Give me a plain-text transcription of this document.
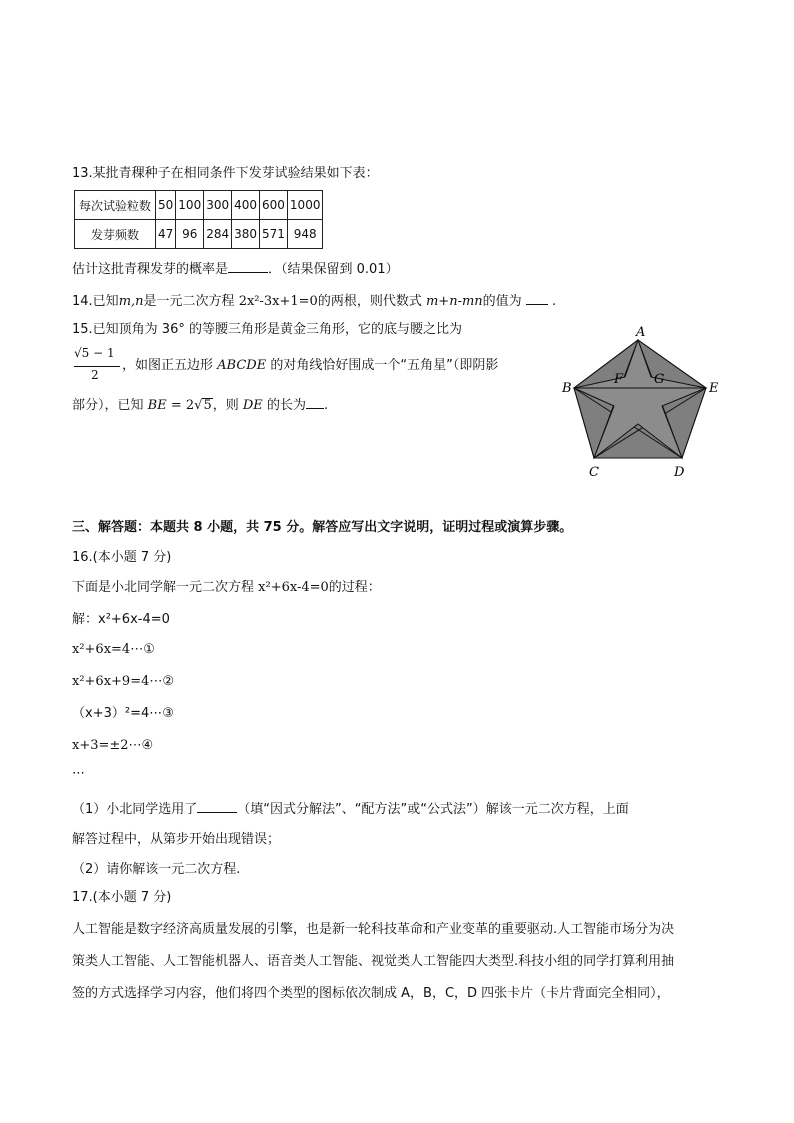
13.某批青稞种子在相同条件下发芽试验结果如下表：
每次试验粒数	50	100	300	400	600	1000
发芽频数	47	96	284	380	571	948
估计这批青稞发芽的概率是	．（结果保留到 0.01）
14.已知m,n是一元二次方程 2x²-3x+1=0的两根，则代数式 m+n-mn的值为 .
15.已知顶角为 36° 的等腰三角形是黄金三角形，它的底与腰之比为
√5 − 1
2
，如图正五边形 ABCDE 的对角线恰好围成一个“五角星”（即阴影
部分），已知 BE = 2√5，则 DE 的长为 .
A
B
C	D
E
F G
三、解答题：本题共 8 小题，共 75 分。解答应写出文字说明，证明过程或演算步骤。
16.(本小题 7 分)
下面是小北同学解一元二次方程 x²+6x-4=0的过程：
解：x²+6x-4=0
x²+6x=4⋯①
x²+6x+9=4⋯②
（x+3）²=4⋯③
x+3=±2⋯④
⋯
（1）小北同学选用了	（填“因式分解法”、“配方法”或“公式法”）解该一元二次方程，上面
解答过程中，从第步开始出现错误；
（2）请你解该一元二次方程.
17.(本小题 7 分)
人工智能是数字经济高质量发展的引擎，也是新一轮科技革命和产业变革的重要驱动.人工智能市场分为决
策类人工智能、人工智能机器人、语音类人工智能、视觉类人工智能四大类型.科技小组的同学打算利用抽
签的方式选择学习内容，他们将四个类型的图标依次制成 A，B，C，D 四张卡片（卡片背面完全相同），
